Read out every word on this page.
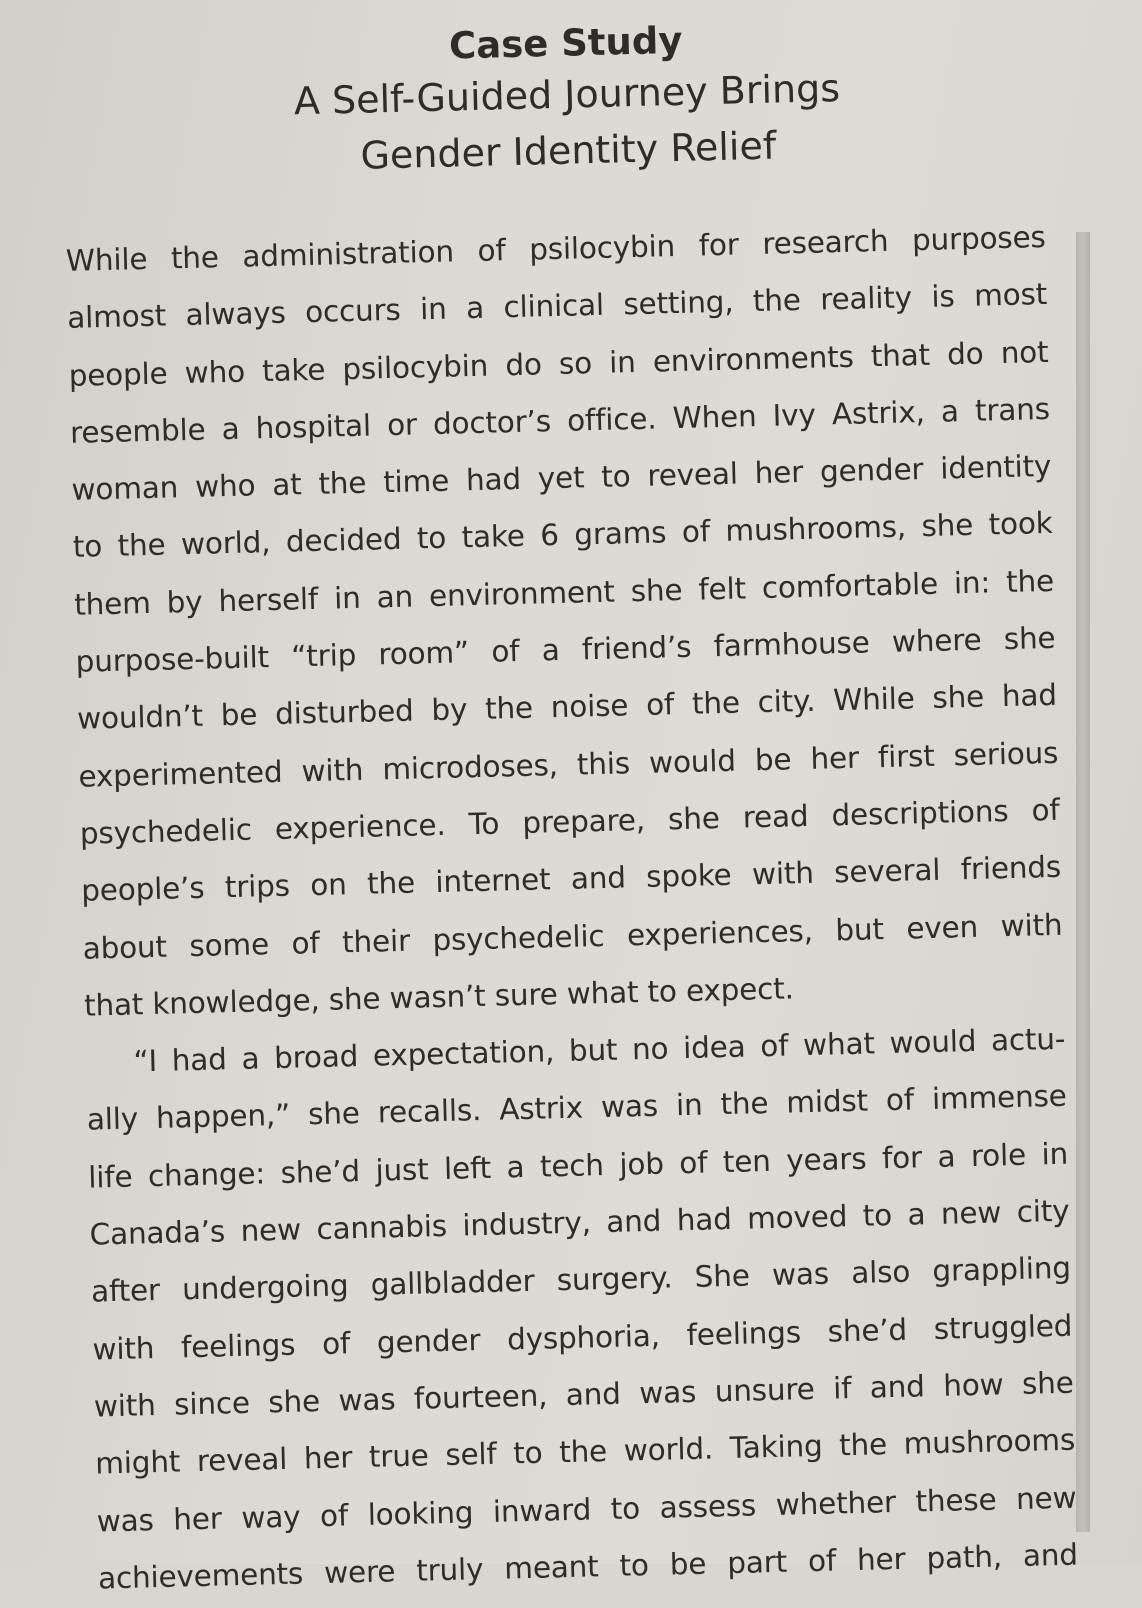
Case Study
A Self-Guided Journey Brings
Gender Identity Relief

While the administration of psilocybin for research purposes
almost always occurs in a clinical setting, the reality is most
people who take psilocybin do so in environments that do not
resemble a hospital or doctor’s office. When Ivy Astrix, a trans
woman who at the time had yet to reveal her gender identity
to the world, decided to take 6 grams of mushrooms, she took
them by herself in an environment she felt comfortable in: the
purpose-built “trip room” of a friend’s farmhouse where she
wouldn’t be disturbed by the noise of the city. While she had
experimented with microdoses, this would be her first serious
psychedelic experience. To prepare, she read descriptions of
people’s trips on the internet and spoke with several friends
about some of their psychedelic experiences, but even with
that knowledge, she wasn’t sure what to expect.

“I had a broad expectation, but no idea of what would actu-
ally happen,” she recalls. Astrix was in the midst of immense
life change: she’d just left a tech job of ten years for a role in
Canada’s new cannabis industry, and had moved to a new city
after undergoing gallbladder surgery. She was also grappling
with feelings of gender dysphoria, feelings she’d struggled
with since she was fourteen, and was unsure if and how she
might reveal her true self to the world. Taking the mushrooms
was her way of looking inward to assess whether these new
achievements were truly meant to be part of her path, and
